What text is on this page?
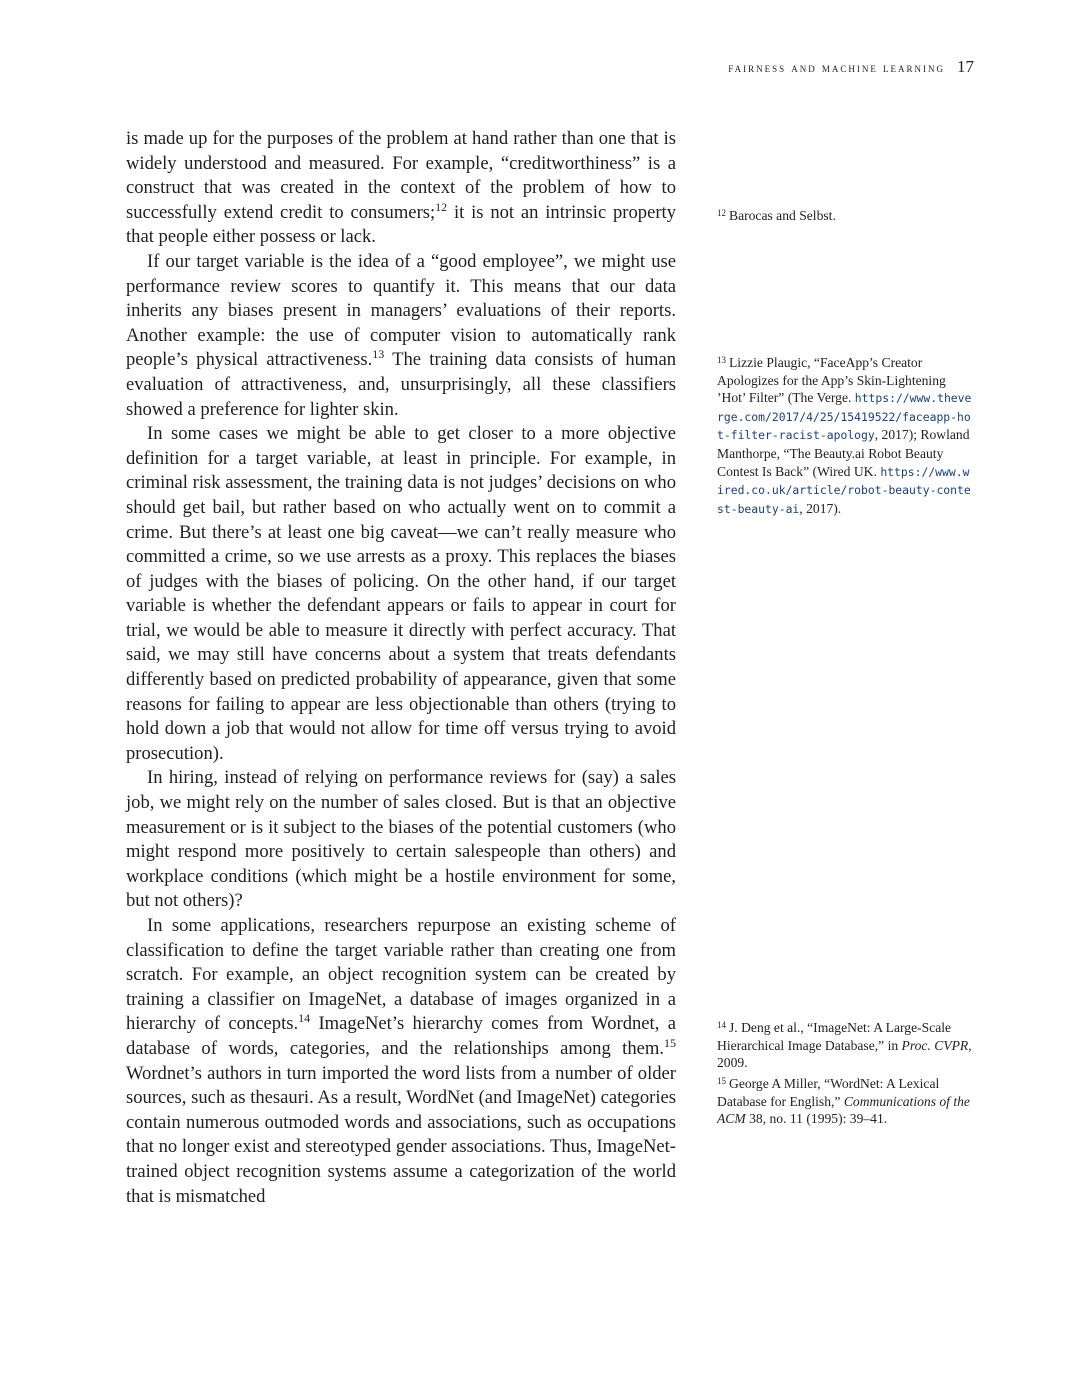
fairness and machine learning 17

is made up for the purposes of the problem at hand rather than one that is widely understood and measured. For example, “creditworthiness” is a construct that was created in the context of the problem of how to successfully extend credit to consumers;$^{12}$ it is not an intrinsic property that people either possess or lack.

If our target variable is the idea of a “good employee”, we might use performance review scores to quantify it. This means that our data inherits any biases present in managers’ evaluations of their reports. Another example: the use of computer vision to automatically rank people’s physical attractiveness.$^{13}$ The training data consists of human evaluation of attractiveness, and, unsurprisingly, all these classifiers showed a preference for lighter skin.

In some cases we might be able to get closer to a more objective definition for a target variable, at least in principle. For example, in criminal risk assessment, the training data is not judges’ decisions on who should get bail, but rather based on who actually went on to commit a crime. But there’s at least one big caveat—we can’t really measure who committed a crime, so we use arrests as a proxy. This replaces the biases of judges with the biases of policing. On the other hand, if our target variable is whether the defendant appears or fails to appear in court for trial, we would be able to measure it directly with perfect accuracy. That said, we may still have concerns about a system that treats defendants differently based on predicted probability of appearance, given that some reasons for failing to appear are less objectionable than others (trying to hold down a job that would not allow for time off versus trying to avoid prosecution).

In hiring, instead of relying on performance reviews for (say) a sales job, we might rely on the number of sales closed. But is that an objective measurement or is it subject to the biases of the potential customers (who might respond more positively to certain salespeople than others) and workplace conditions (which might be a hostile environment for some, but not others)?

In some applications, researchers repurpose an existing scheme of classification to define the target variable rather than creating one from scratch. For example, an object recognition system can be created by training a classifier on ImageNet, a database of images organized in a hierarchy of concepts.$^{14}$ ImageNet’s hierarchy comes from Wordnet, a database of words, categories, and the relationships among them.$^{15}$ Wordnet’s authors in turn imported the word lists from a number of older sources, such as thesauri. As a result, WordNet (and ImageNet) categories contain numerous outmoded words and associations, such as occupations that no longer exist and stereotyped gender associations. Thus, ImageNet-trained object recognition systems assume a categorization of the world that is mismatched

$^{12}$ Barocas and Selbst.
$^{13}$ Lizzie Plaugic, “FaceApp’s Creator Apologizes for the App’s Skin-Lightening ’Hot’ Filter” (The Verge. https://www.theverge.com/2017/4/25/15419522/faceapp-hot-filter-racist-apology, 2017); Rowland Manthorpe, “The Beauty.ai Robot Beauty Contest Is Back” (Wired UK. https://www.wired.co.uk/article/robot-beauty-contest-beauty-ai, 2017).
$^{14}$ J. Deng et al., “ImageNet: A Large-Scale Hierarchical Image Database,” in Proc. CVPR, 2009.
$^{15}$ George A Miller, “WordNet: A Lexical Database for English,” Communications of the ACM 38, no. 11 (1995): 39–41.
